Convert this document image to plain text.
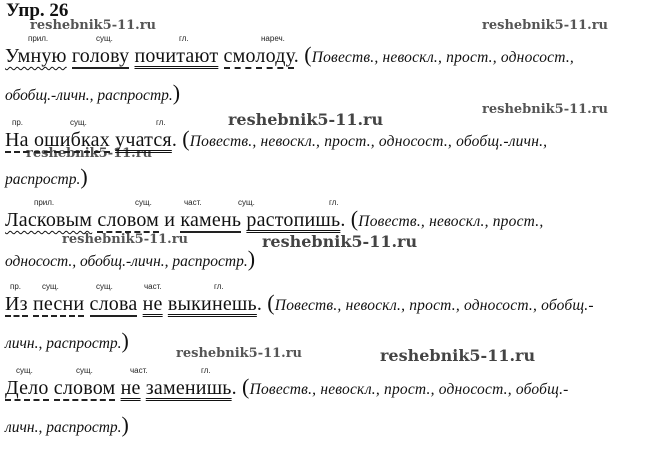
Упр. 26
reshebnik5-11.ru	reshebnik5-11.ru
reshebnik5-11.ru
reshebnik5-11.ru
reshebnik5-11.ru
reshebnik5-11.ru	reshebnik5-11.ru
reshebnik5-11.ru	reshebnik5-11.ru
прил.	сущ.	гл.	нареч.
Умную голову почитают смолоду. (Повеств., невоскл., прост., односост.,
обобщ.-личн., распростр.)
пр.	сущ.	гл.
На ошибках учатся. (Повеств., невоскл., прост., односост., обобщ.-личн.,
распростр.)
прил.	сущ.	част.	сущ.	гл.
Ласковым словом и камень растопишь. (Повеств., невоскл., прост.,
односост., обобщ.-личн., распростр.)
пр.	сущ.	сущ.	част.	гл.
Из песни слова не выкинешь. (Повеств., невоскл., прост., односост., обобщ.-
личн., распростр.)
сущ.	сущ.	част.	гл.
Дело словом не заменишь. (Повеств., невоскл., прост., односост., обобщ.-
личн., распростр.)
